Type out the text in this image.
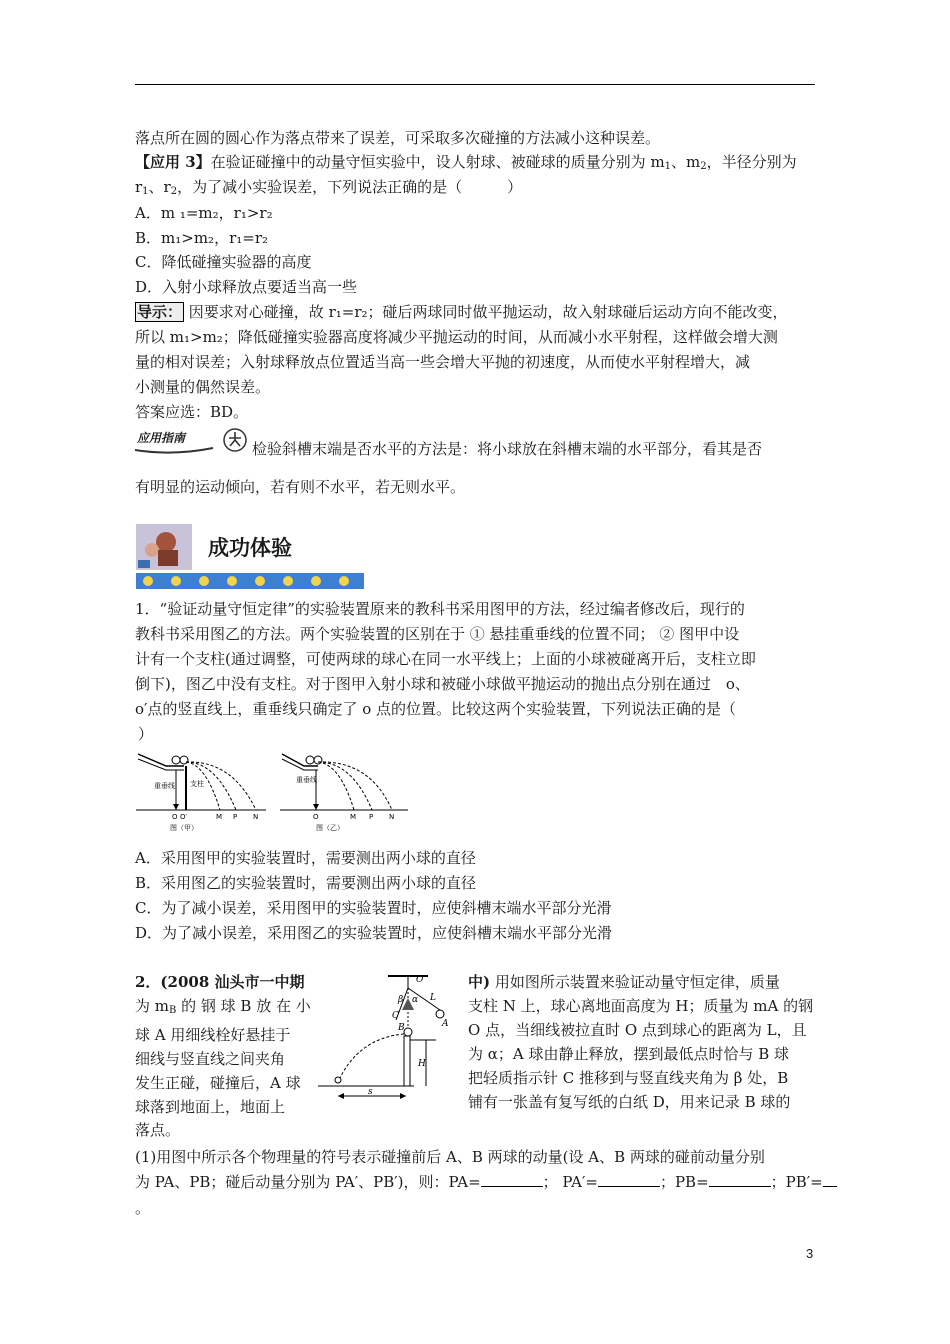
落点所在圆的圆心作为落点带来了误差，可采取多次碰撞的方法减小这种误差。
【应用 3】在验证碰撞中的动量守恒实验中，设人射球、被碰球的质量分别为 $m_1$、$m_2$，半径分别为
$r_1$、$r_2$，为了减小实验误差，下列说法正确的是（　　　）
A．m ₁=m₂，r₁>r₂
B．m₁>m₂，r₁=r₂
C．降低碰撞实验器的高度
D．入射小球释放点要适当高一些
导示： 因要求对心碰撞，故 r₁=r₂；碰后两球同时做平抛运动，故入射球碰后运动方向不能改变，
所以 m₁>m₂；降低碰撞实验器高度将减少平抛运动的时间，从而减小水平射程，这样做会增大测
量的相对误差；入射球释放点位置适当高一些会增大平抛的初速度，从而使水平射程增大，减
小测量的偶然误差。
答案应选：BD。
应用指南
检验斜槽末端是否水平的方法是：将小球放在斜槽末端的水平部分，看其是否
有明显的运动倾向，若有则不水平，若无则水平。
成功体验
1．“验证动量守恒定律”的实验装置原来的教科书采用图甲的方法，经过编者修改后，现行的
教科书采用图乙的方法。两个实验装置的区别在于 ① 悬挂重垂线的位置不同； ② 图甲中设
计有一个支柱(通过调整，可使两球的球心在同一水平线上；上面的小球被碰离开后，支柱立即
倒下)，图乙中没有支柱。对于图甲入射小球和被碰小球做平抛运动的抛出点分别在通过　o、
o′点的竖直线上，重垂线只确定了 o 点的位置。比较这两个实验装置，下列说法正确的是（
）
重垂线 支柱
O O′	M P N
图（甲）
重垂线
O	M P N
图（乙）
A．采用图甲的实验装置时，需要测出两小球的直径
B．采用图乙的实验装置时，需要测出两小球的直径
C．为了减小误差，采用图甲的实验装置时，应使斜槽末端水平部分光滑
D．为了减小误差，采用图乙的实验装置时，应使斜槽末端水平部分光滑
2．(2008 汕头市一中期
为 $m_B$ 的 钢 球 B 放 在 小
球 A 用细线栓好悬挂于
细线与竖直线之间夹角
发生正碰，碰撞后，A 球
球落到地面上，地面上
O
L
A
B
C
H
s
α
β
中) 用如图所示装置来验证动量守恒定律，质量
支柱 N 上，球心离地面高度为 H；质量为 mA 的钢
O 点，当细线被拉直时 O 点到球心的距离为 L，且
为 α；A 球由静止释放，摆到最低点时恰与 B 球
把轻质指示针 C 推移到与竖直线夹角为 β 处，B
铺有一张盖有复写纸的白纸 D，用来记录 B 球的
落点。
(1)用图中所示各个物理量的符号表示碰撞前后 A、B 两球的动量(设 A、B 两球的碰前动量分别
为 PA、PB；碰后动量分别为 PA′、PB′)，则：PA=	； PA′=	；PB=	；PB′=
。
3
